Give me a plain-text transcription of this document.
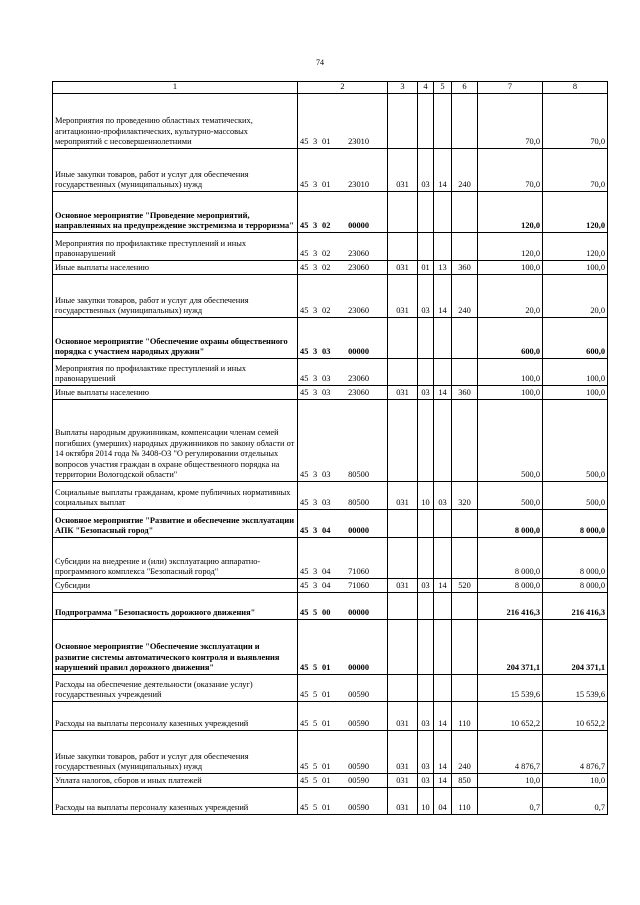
74
1	2	3	4	5	6	7	8
Мероприятия по проведению областных тематических, агитационно-профилактических, культурно-массовых мероприятий с несовершеннолетними	45 3 01 23010					70,0	70,0
Иные закупки товаров, работ и услуг для обеспечения государственных (муниципальных) нужд	45 3 01 23010	031	03	14	240	70,0	70,0
Основное мероприятие "Проведение мероприятий, направленных на предупреждение экстремизма и терроризма"	45 3 02 00000					120,0	120,0
Мероприятия по профилактике преступлений и иных правонарушений	45 3 02 23060					120,0	120,0
Иные выплаты населению	45 3 02 23060	031	01	13	360	100,0	100,0
Иные закупки товаров, работ и услуг для обеспечения государственных (муниципальных) нужд	45 3 02 23060	031	03	14	240	20,0	20,0
Основное мероприятие "Обеспечение охраны общественного порядка с участием народных дружин"	45 3 03 00000					600,0	600,0
Мероприятия по профилактике преступлений и иных правонарушений	45 3 03 23060					100,0	100,0
Иные выплаты населению	45 3 03 23060	031	03	14	360	100,0	100,0
Выплаты народным дружинникам, компенсации членам семей погибших (умерших) народных дружинников по закону области от 14 октября 2014 года № 3408-ОЗ "О регулировании отдельных вопросов участия граждан в охране общественного порядка на территории Вологодской области"	45 3 03 80500					500,0	500,0
Социальные выплаты гражданам, кроме публичных нормативных социальных выплат	45 3 03 80500	031	10	03	320	500,0	500,0
Основное мероприятие "Развитие и обеспечение эксплуатации АПК "Безопасный город"	45 3 04 00000					8 000,0	8 000,0
Субсидии на внедрение и (или) эксплуатацию аппаратно-программного комплекса "Безопасный город"	45 3 04 71060					8 000,0	8 000,0
Субсидии	45 3 04 71060	031	03	14	520	8 000,0	8 000,0
Подпрограмма "Безопасность дорожного движения"	45 5 00 00000					216 416,3	216 416,3
Основное мероприятие "Обеспечение эксплуатации и развитие системы автоматического контроля и выявления нарушений правил дорожного движения"	45 5 01 00000					204 371,1	204 371,1
Расходы на обеспечение деятельности (оказание услуг) государственных учреждений	45 5 01 00590					15 539,6	15 539,6
Расходы на выплаты персоналу казенных учреждений	45 5 01 00590	031	03	14	110	10 652,2	10 652,2
Иные закупки товаров, работ и услуг для обеспечения государственных (муниципальных) нужд	45 5 01 00590	031	03	14	240	4 876,7	4 876,7
Уплата налогов, сборов и иных платежей	45 5 01 00590	031	03	14	850	10,0	10,0
Расходы на выплаты персоналу казенных учреждений	45 5 01 00590	031	10	04	110	0,7	0,7
